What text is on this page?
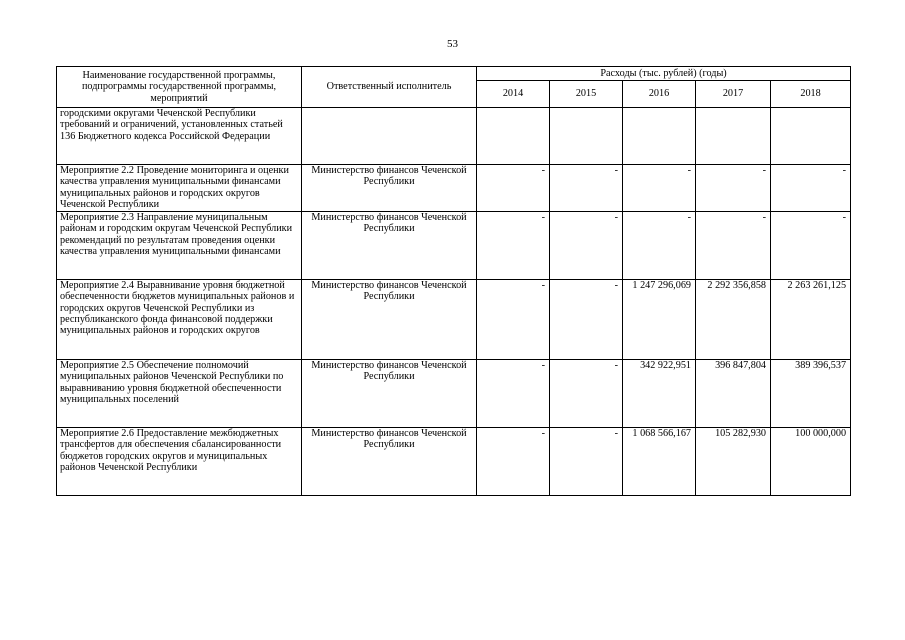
53
Наименование государственной программы, подпрограммы государственной программы, мероприятий	Ответственный исполнитель	Расходы (тыс. рублей) (годы)				
		2014	2015	2016	2017	2018
городскими округами Чеченской Республики требований и ограничений, установленных статьей 136 Бюджетного кодекса Российской Федерации						
Мероприятие 2.2 Проведение мониторинга и оценки качества управления муниципальными финансами муниципальных районов и городских округов Чеченской Республики	Министерство финансов Чеченской Республики	-	-	-	-	-
Мероприятие 2.3 Направление муниципальным районам и городским округам Чеченской Республики рекомендаций по результатам проведения оценки качества управления муниципальными финансами	Министерство финансов Чеченской Республики	-	-	-	-	-
Мероприятие 2.4 Выравнивание уровня бюджетной обеспеченности бюджетов муниципальных районов и городских округов Чеченской Республики из республиканского фонда финансовой поддержки муниципальных районов и городских округов	Министерство финансов Чеченской Республики	-	-	1 247 296,069	2 292 356,858	2 263 261,125
Мероприятие 2.5 Обеспечение полномочий муниципальных районов Чеченской Республики по выравниванию уровня бюджетной обеспеченности муниципальных поселений	Министерство финансов Чеченской Республики	-	-	342 922,951	396 847,804	389 396,537
Мероприятие 2.6 Предоставление межбюджетных трансфертов для обеспечения сбалансированности бюджетов городских округов и муниципальных районов Чеченской Республики	Министерство финансов Чеченской Республики	-	-	1 068 566,167	105 282,930	100 000,000
